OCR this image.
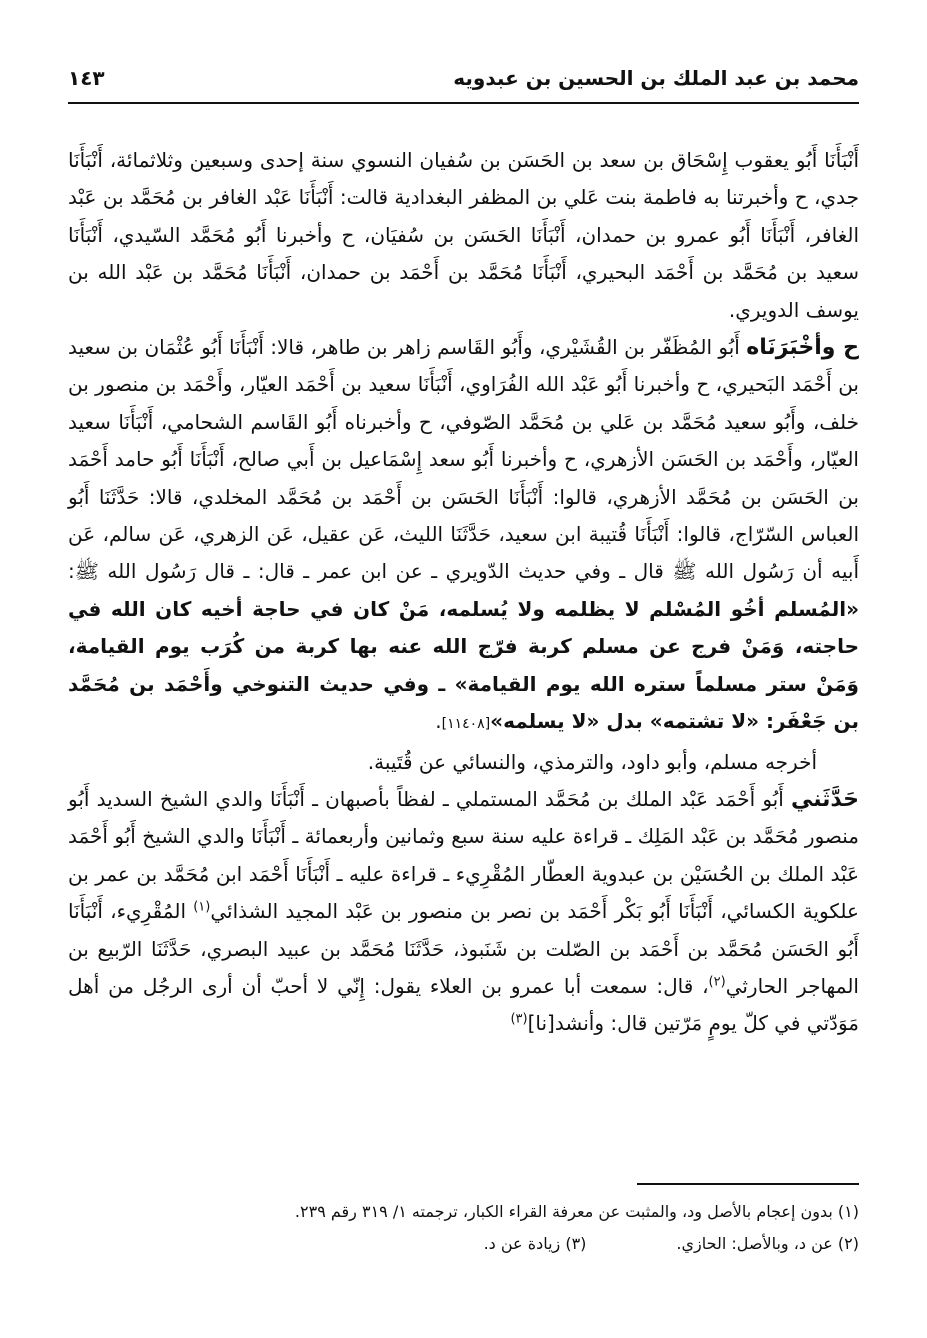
محمد بن عبد الملك بن الحسين بن عبدويه
١٤٣

أَنْبَأَنَا أَبُو يعقوب إِسْحَاق بن سعد بن الحَسَن بن سُفيان النسوي سنة إحدى وسبعين وثلاثمائة، أَنْبَأَنَا جدي، ح وأخبرتنا به فاطمة بنت عَلي بن المظفر البغدادية قالت: أَنْبَأَنَا عَبْد الغافر بن مُحَمَّد بن عَبْد الغافر، أَنْبَأَنَا أَبُو عمرو بن حمدان، أَنْبَأَنَا الحَسَن بن سُفيَان، ح وأخبرنا أَبُو مُحَمَّد السّيدي، أَنْبَأَنَا سعيد بن مُحَمَّد بن أَحْمَد البحيري، أَنْبَأَنَا مُحَمَّد بن أَحْمَد بن حمدان، أَنْبَأَنَا مُحَمَّد بن عَبْد الله بن يوسف الدويري.

ح وأخْبَرَنَاه أَبُو المُظَفّر بن القُشَيْري، وأَبُو القَاسم زاهر بن طاهر، قالا: أَنْبَأَنَا أَبُو عُثْمَان بن سعيد بن أَحْمَد البَحيري، ح وأخبرنا أَبُو عَبْد الله الفُرَاوي، أَنْبَأَنَا سعيد بن أَحْمَد العيّار، وأَحْمَد بن منصور بن خلف، وأَبُو سعيد مُحَمَّد بن عَلي بن مُحَمَّد الصّوفي، ح وأخبرناه أَبُو القَاسم الشحامي، أَنْبَأَنَا سعيد العيّار، وأَحْمَد بن الحَسَن الأزهري، ح وأخبرنا أَبُو سعد إِسْمَاعيل بن أَبي صالح، أَنْبَأَنَا أَبُو حامد أَحْمَد بن الحَسَن بن مُحَمَّد الأزهري، قالوا: أَنْبَأَنَا الحَسَن بن أَحْمَد بن مُحَمَّد المخلدي، قالا: حَدَّثَنَا أَبُو العباس السّرّاج، قالوا: أَنْبَأَنَا قُتيبة ابن سعيد، حَدَّثَنَا الليث، عَن عقيل، عَن الزهري، عَن سالم، عَن أَبيه أن رَسُول الله ﷺ قال ـ وفي حديث الدّويري ـ عن ابن عمر ـ قال: ـ قال رَسُول الله ﷺ: «المُسلم أخُو المُسْلم لا يظلمه ولا يُسلمه، مَنْ كان في حاجة أخيه كان الله في حاجته، وَمَنْ فرج عن مسلم كربة فرّج الله عنه بها كربة من كُرَب يوم القيامة، وَمَنْ ستر مسلماً ستره الله يوم القيامة» ـ وفي حديث التنوخي وأَحْمَد بن مُحَمَّد بن جَعْفَر: «لا تشتمه» بدل «لا يسلمه»[١١٤٠٨].

أخرجه مسلم، وأبو داود، والترمذي، والنسائي عن قُتَيبة.

حَدَّثَني أَبُو أَحْمَد عَبْد الملك بن مُحَمَّد المستملي ـ لفظاً بأصبهان ـ أَنْبَأَنَا والدي الشيخ السديد أَبُو منصور مُحَمَّد بن عَبْد المَلِك ـ قراءة عليه سنة سبع وثمانين وأربعمائة ـ أَنْبَأَنَا والدي الشيخ أَبُو أَحْمَد عَبْد الملك بن الحُسَيْن بن عبدوية العطّار المُقْرِيء ـ قراءة عليه ـ أَنْبَأَنَا أَحْمَد ابن مُحَمَّد بن عمر بن علكوية الكسائي، أَنْبَأَنَا أَبُو بَكْر أَحْمَد بن نصر بن منصور بن عَبْد المجيد الشذائي$^{(١)}$ المُقْرِيء، أَنْبَأَنَا أَبُو الحَسَن مُحَمَّد بن أَحْمَد بن الصّلت بن شَنَبوذ، حَدَّثَنَا مُحَمَّد بن عبيد البصري، حَدَّثَنَا الرّبيع بن المهاجر الحارثي$^{(٢)}$، قال: سمعت أبا عمرو بن العلاء يقول: إِنّي لا أحبّ أن أرى الرجُل من أهل مَوَدّتي في كلّ يومٍ مَرّتين قال: وأنشد[نا]$^{(٣)}$

(١) بدون إعجام بالأصل ود، والمثبت عن معرفة القراء الكبار، ترجمته ١/ ٣١٩ رقم ٢٣٩.
(٢) عن د، وبالأصل: الحازي.(٣) زيادة عن د.
